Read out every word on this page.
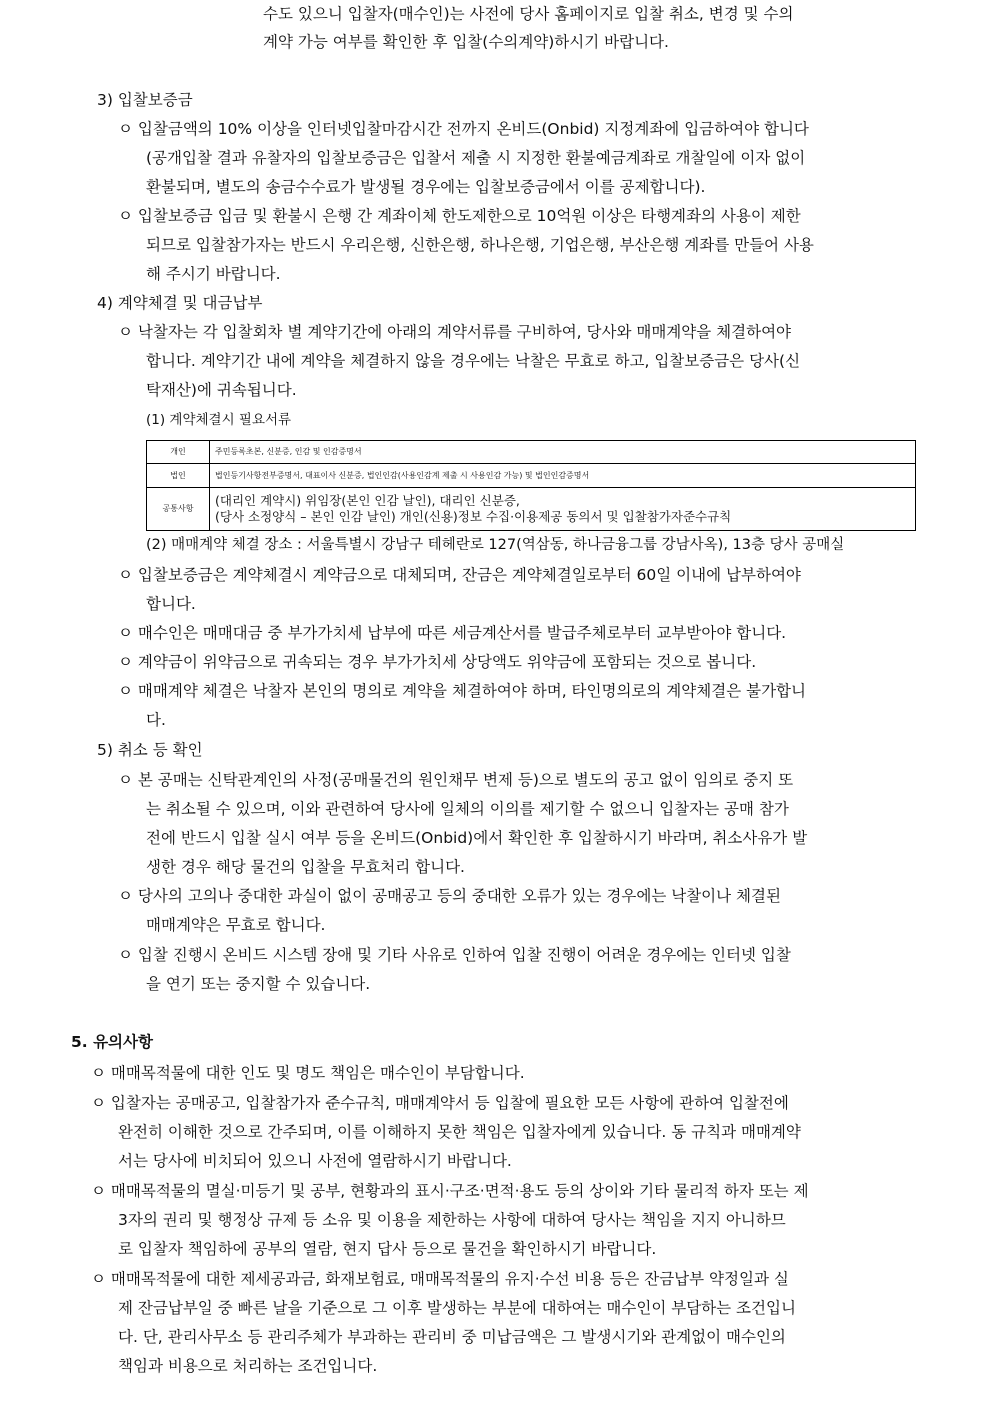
수도 있으니 입찰자(매수인)는 사전에 당사 홈페이지로 입찰 취소, 변경 및 수의
계약 가능 여부를 확인한 후 입찰(수의계약)하시기 바랍니다.
3) 입찰보증금
ㅇ 입찰금액의 10% 이상을 인터넷입찰마감시간 전까지 온비드(Onbid) 지정계좌에 입금하여야 합니다
(공개입찰 결과 유찰자의 입찰보증금은 입찰서 제출 시 지정한 환불예금계좌로 개찰일에 이자 없이
환불되며, 별도의 송금수수료가 발생될 경우에는 입찰보증금에서 이를 공제합니다).
ㅇ 입찰보증금 입금 및 환불시 은행 간 계좌이체 한도제한으로 10억원 이상은 타행계좌의 사용이 제한
되므로 입찰참가자는 반드시 우리은행, 신한은행, 하나은행, 기업은행, 부산은행 계좌를 만들어 사용
해 주시기 바랍니다.
4) 계약체결 및 대금납부
ㅇ 낙찰자는 각 입찰회차 별 계약기간에 아래의 계약서류를 구비하여, 당사와 매매계약을 체결하여야
합니다. 계약기간 내에 계약을 체결하지 않을 경우에는 낙찰은 무효로 하고, 입찰보증금은 당사(신
탁재산)에 귀속됩니다.
(1) 계약체결시 필요서류
개인	주민등록초본, 신분증, 인감 및 인감증명서
법인	법인등기사항전부증명서, 대표이사 신분증, 법인인감(사용인감계 제출 시 사용인감 가능) 및 법인인감증명서
공통사항	(대리인 계약시) 위임장(본인 인감 날인), 대리인 신분증,
(당사 소정양식 – 본인 인감 날인) 개인(신용)정보 수집·이용제공 동의서 및 입찰참가자준수규칙
(2) 매매계약 체결 장소 : 서울특별시 강남구 테헤란로 127(역삼동, 하나금융그룹 강남사옥), 13층 당사 공매실
ㅇ 입찰보증금은 계약체결시 계약금으로 대체되며, 잔금은 계약체결일로부터 60일 이내에 납부하여야
합니다.
ㅇ 매수인은 매매대금 중 부가가치세 납부에 따른 세금계산서를 발급주체로부터 교부받아야 합니다.
ㅇ 계약금이 위약금으로 귀속되는 경우 부가가치세 상당액도 위약금에 포함되는 것으로 봅니다.
ㅇ 매매계약 체결은 낙찰자 본인의 명의로 계약을 체결하여야 하며, 타인명의로의 계약체결은 불가합니
다.
5) 취소 등 확인
ㅇ 본 공매는 신탁관계인의 사정(공매물건의 원인채무 변제 등)으로 별도의 공고 없이 임의로 중지 또
는 취소될 수 있으며, 이와 관련하여 당사에 일체의 이의를 제기할 수 없으니 입찰자는 공매 참가
전에 반드시 입찰 실시 여부 등을 온비드(Onbid)에서 확인한 후 입찰하시기 바라며, 취소사유가 발
생한 경우 해당 물건의 입찰을 무효처리 합니다.
ㅇ 당사의 고의나 중대한 과실이 없이 공매공고 등의 중대한 오류가 있는 경우에는 낙찰이나 체결된
매매계약은 무효로 합니다.
ㅇ 입찰 진행시 온비드 시스템 장애 및 기타 사유로 인하여 입찰 진행이 어려운 경우에는 인터넷 입찰
을 연기 또는 중지할 수 있습니다.
5. 유의사항
ㅇ 매매목적물에 대한 인도 및 명도 책임은 매수인이 부담합니다.
ㅇ 입찰자는 공매공고, 입찰참가자 준수규칙, 매매계약서 등 입찰에 필요한 모든 사항에 관하여 입찰전에
완전히 이해한 것으로 간주되며, 이를 이해하지 못한 책임은 입찰자에게 있습니다. 동 규칙과 매매계약
서는 당사에 비치되어 있으니 사전에 열람하시기 바랍니다.
ㅇ 매매목적물의 멸실·미등기 및 공부, 현황과의 표시·구조·면적·용도 등의 상이와 기타 물리적 하자 또는 제
3자의 권리 및 행정상 규제 등 소유 및 이용을 제한하는 사항에 대하여 당사는 책임을 지지 아니하므
로 입찰자 책임하에 공부의 열람, 현지 답사 등으로 물건을 확인하시기 바랍니다.
ㅇ 매매목적물에 대한 제세공과금, 화재보험료, 매매목적물의 유지·수선 비용 등은 잔금납부 약정일과 실
제 잔금납부일 중 빠른 날을 기준으로 그 이후 발생하는 부분에 대하여는 매수인이 부담하는 조건입니
다. 단, 관리사무소 등 관리주체가 부과하는 관리비 중 미납금액은 그 발생시기와 관계없이 매수인의
책임과 비용으로 처리하는 조건입니다.
